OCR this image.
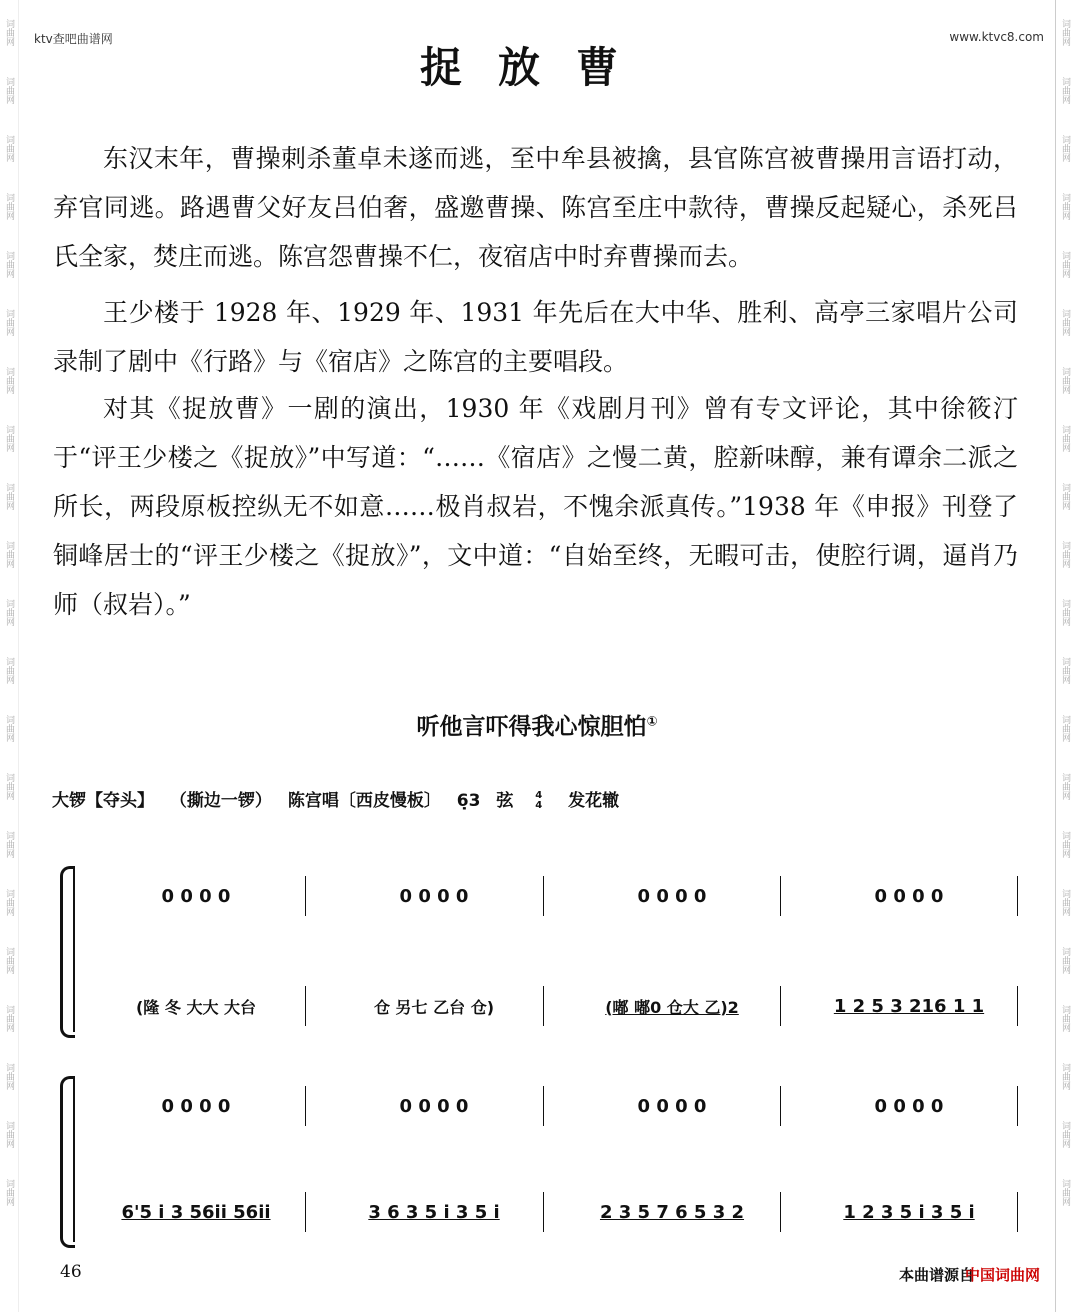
词曲网
词曲网
词曲网
词曲网
词曲网
词曲网
词曲网
词曲网
词曲网
词曲网
词曲网
词曲网
词曲网
词曲网
词曲网
词曲网
词曲网
词曲网
词曲网
词曲网
词曲网
词曲网
词曲网
词曲网
词曲网
词曲网
词曲网
词曲网
词曲网
词曲网
词曲网
词曲网
词曲网
词曲网
词曲网
词曲网
词曲网
词曲网
词曲网
词曲网
词曲网
词曲网
ktv查吧曲谱网	www.ktvc8.com
捉放曹
东汉末年，曹操刺杀董卓未遂而逃，至中牟县被擒，县官陈宫被曹操用言语打动，弃官同逃。路遇曹父好友吕伯奢，盛邀曹操、陈宫至庄中款待，曹操反起疑心，杀死吕氏全家，焚庄而逃。陈宫怨曹操不仁，夜宿店中时弃曹操而去。
王少楼于 1928 年、1929 年、1931 年先后在大中华、胜利、高亭三家唱片公司录制了剧中《行路》与《宿店》之陈宫的主要唱段。
对其《捉放曹》一剧的演出，1930 年《戏剧月刊》曾有专文评论，其中徐筱汀于“评王少楼之《捉放》”中写道：“……《宿店》之慢二黄，腔新味醇，兼有谭余二派之所长，两段原板控纵无不如意……极肖叔岩，不愧余派真传。”1938 年《申报》刊登了铜峰居士的“评王少楼之《捉放》”，文中道：“自始至终，无暇可击，使腔行调，逼肖乃师（叔岩）。”
听他言吓得我心惊胆怕①
大锣【夺头】 （撕边一锣） 陈宫唱〔西皮慢板〕 6̣3 弦 4
4 发花辙
0 0 0 0	0 0 0 0	0 0 0 0	0 0 0 0
(隆 冬 大大 大台	仓 另七 乙台 仓)	(嘟 嘟0 仓大 乙)2	1 2 5 3 216 1 1
0 0 0 0	0 0 0 0	0 0 0 0	0 0 0 0
6'5 i 3 56ii 56ii	3 6 3 5 i 3 5 i	2 3 5 7 6 5 3 2	1 2 3 5 i 3 5 i
46	本曲谱源自
中国词曲网
